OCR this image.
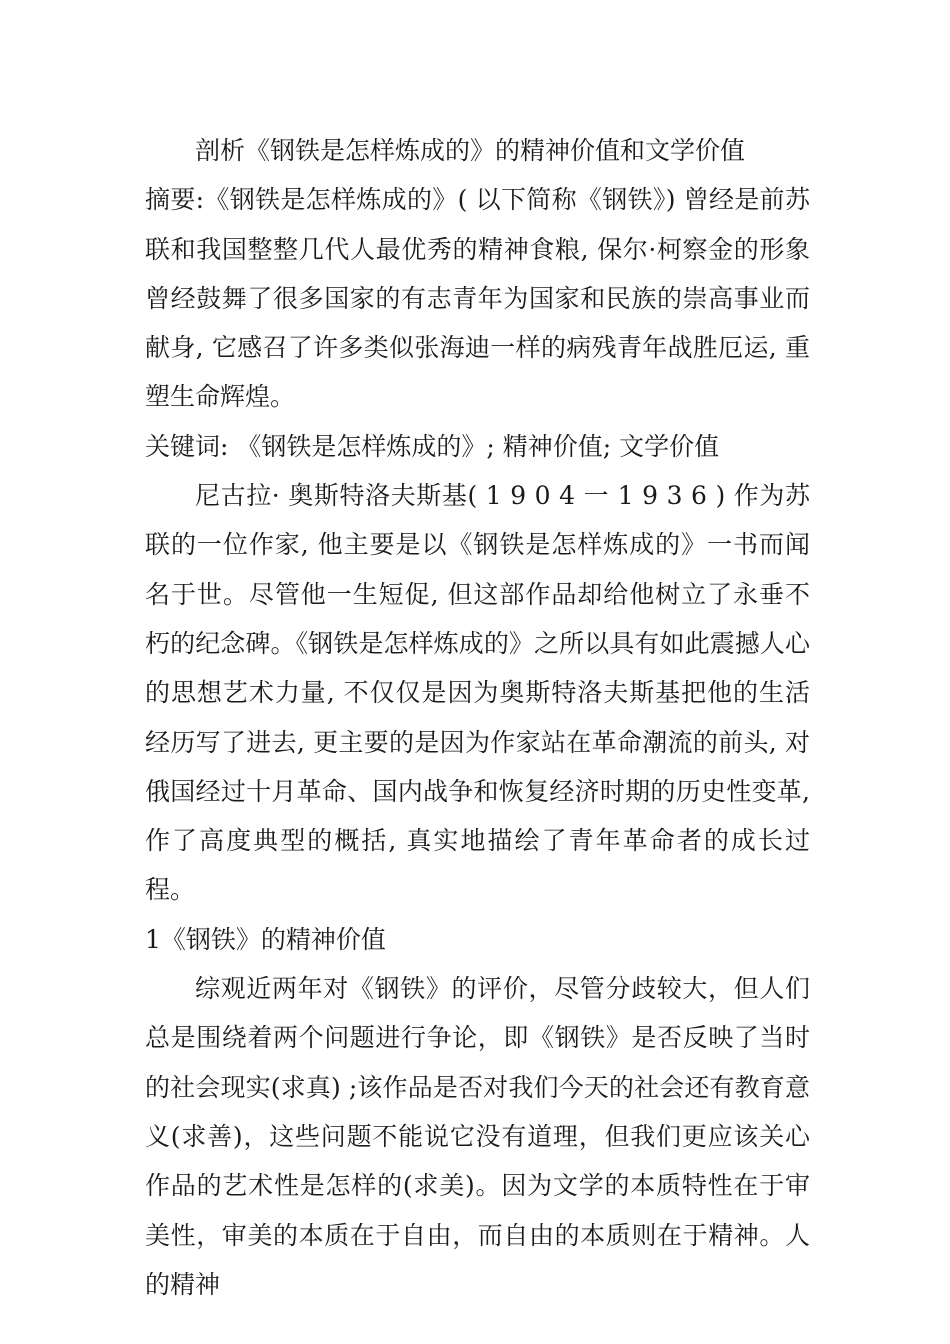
剖析《钢铁是怎样炼成的》的精神价值和文学价值

摘要:《钢铁是怎样炼成的》( 以下简称《钢铁》) 曾经是前苏联和我国整整几代人最优秀的精神食粮, 保尔·柯察金的形象曾经鼓舞了很多国家的有志青年为国家和民族的崇高事业而献身, 它感召了许多类似张海迪一样的病残青年战胜厄运, 重塑生命辉煌。

关键词: 《钢铁是怎样炼成的》; 精神价值; 文学价值

尼古拉· 奥斯特洛夫斯基( 1 9 0 4 一 1 9 3 6 ) 作为苏联的一位作家, 他主要是以《钢铁是怎样炼成的》一书而闻名于世。尽管他一生短促, 但这部作品却给他树立了永垂不朽的纪念碑。《钢铁是怎样炼成的》之所以具有如此震撼人心的思想艺术力量, 不仅仅是因为奥斯特洛夫斯基把他的生活经历写了进去, 更主要的是因为作家站在革命潮流的前头, 对俄国经过十月革命、国内战争和恢复经济时期的历史性变革, 作了高度典型的概括, 真实地描绘了青年革命者的成长过程。

1《钢铁》的精神价值

综观近两年对《钢铁》的评价，尽管分歧较大，但人们总是围绕着两个问题进行争论，即《钢铁》是否反映了当时的社会现实(求真) ;该作品是否对我们今天的社会还有教育意义(求善)，这些问题不能说它没有道理，但我们更应该关心作品的艺术性是怎样的(求美)。因为文学的本质特性在于审美性，审美的本质在于自由，而自由的本质则在于精神。人的精神
